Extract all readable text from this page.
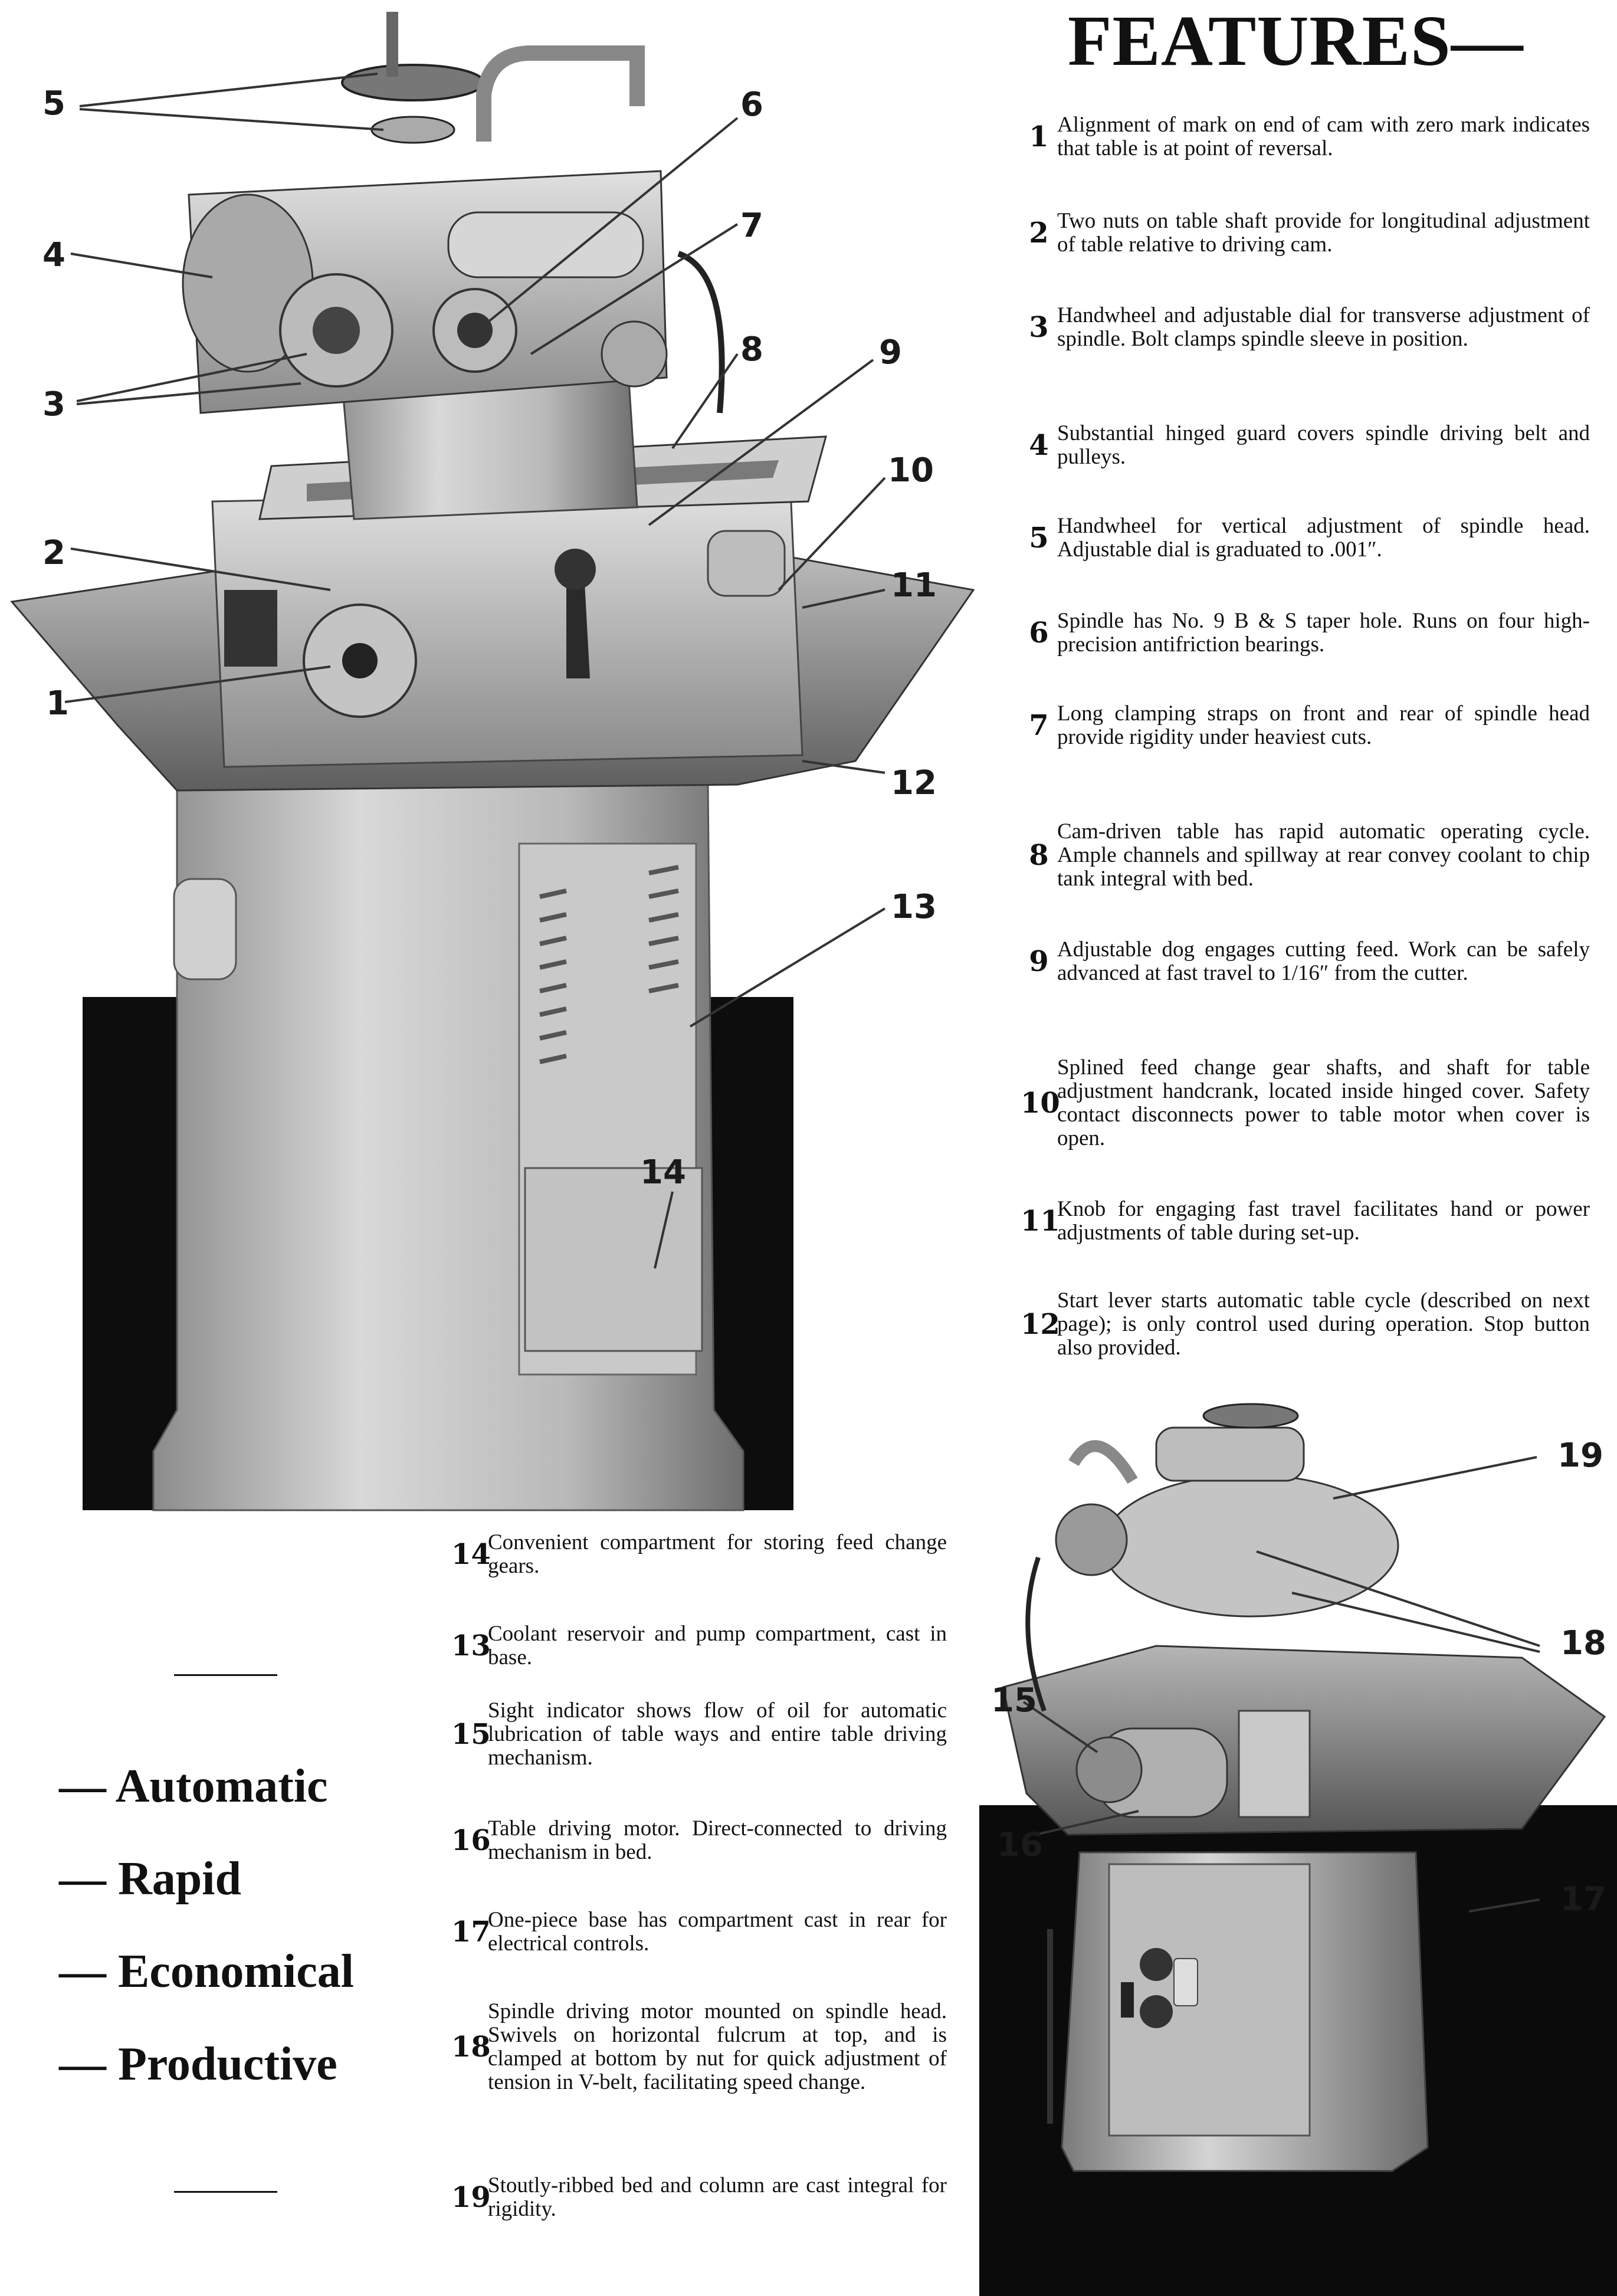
5	6
7
4
3
8	9
10
2
11
1
12
13
14
FEATURES—
1 Alignment of mark on end of cam with zero mark indicates that table is at point of reversal.
2 Two nuts on table shaft provide for longitudinal adjustment of table relative to driving cam.
3 Handwheel and adjustable dial for transverse adjustment of spindle. Bolt clamps spindle sleeve in position.
4 Substantial hinged guard covers spindle driving belt and pulleys.
5 Handwheel for vertical adjustment of spindle head. Adjustable dial is graduated to .001″.
6 Spindle has No. 9 B & S taper hole. Runs on four high-precision antifriction bearings.
7 Long clamping straps on front and rear of spindle head provide rigidity under heaviest cuts.
8
Cam-driven table has rapid automatic operating cycle. Ample channels and spillway at rear convey coolant to chip tank integral with bed.
9 Adjustable dog engages cutting feed. Work can be safely advanced at fast travel to 1/16″ from the cutter.
10
Splined feed change gear shafts, and shaft for table adjustment handcrank, located inside hinged cover. Safety contact disconnects power to table motor when cover is open.
11
Knob for engaging fast travel facilitates hand or power adjustments of table during set-up.
12
Start lever starts automatic table cycle (described on next page); is only control used during operation. Stop button also provided.
— Automatic
— Rapid
— Economical
— Productive
14
Convenient compartment for storing feed change gears.
13
Coolant reservoir and pump compartment, cast in base.
15
Sight indicator shows flow of oil for automatic lubrication of table ways and entire table driving mechanism.
16
Table driving motor. Direct-connected to driving mechanism in bed.
17
One-piece base has compartment cast in rear for electrical controls.
18
Spindle driving motor mounted on spindle head. Swivels on horizontal fulcrum at top, and is clamped at bottom by nut for quick adjustment of tension in V-belt, facilitating speed change.
19
Stoutly-ribbed bed and column are cast integral for rigidity.
19
18
15
16
17
